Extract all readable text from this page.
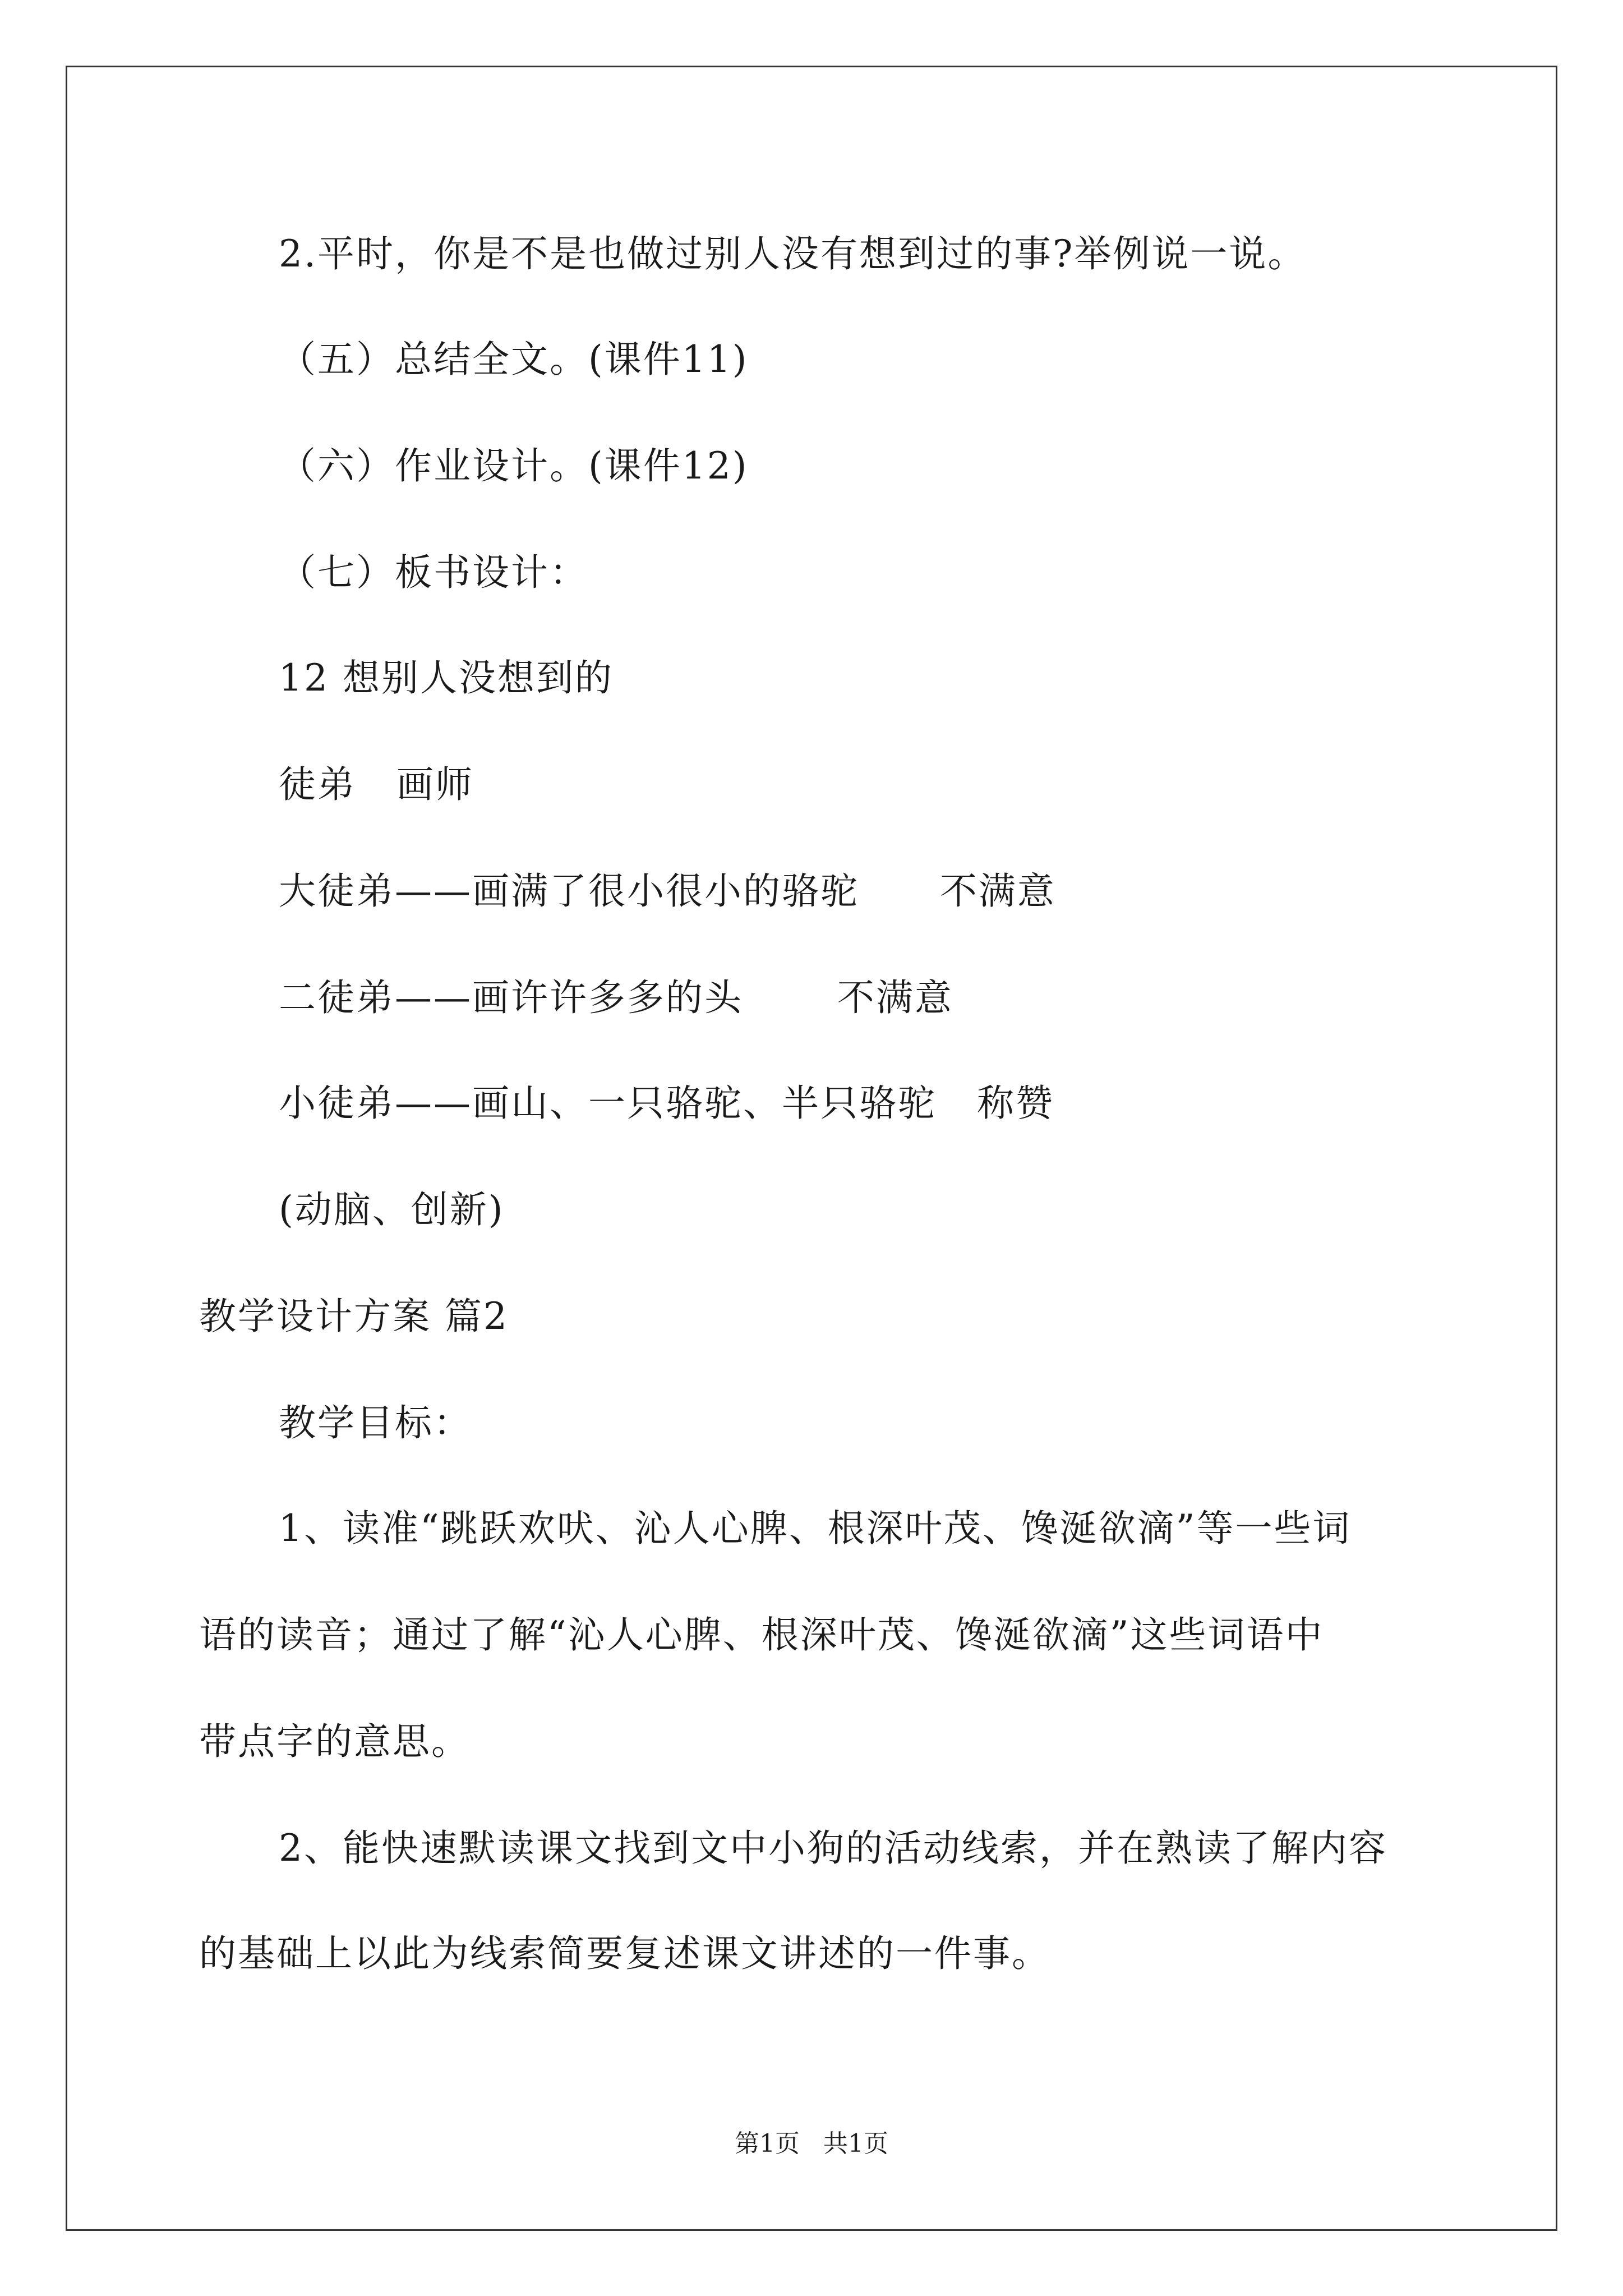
2.平时，你是不是也做过别人没有想到过的事?举例说一说。
（五）总结全文。(课件11)
（六）作业设计。(课件12)
（七）板书设计：
12 想别人没想到的
徒弟   画师
大徒弟——画满了很小很小的骆驼      不满意
二徒弟——画许许多多的头       不满意
小徒弟——画山、一只骆驼、半只骆驼   称赞
(动脑、创新)
教学设计方案 篇2
教学目标：
1、读准“跳跃欢吠、沁人心脾、根深叶茂、馋涎欲滴”等一些词
语的读音；通过了解“沁人心脾、根深叶茂、馋涎欲滴”这些词语中
带点字的意思。
2、能快速默读课文找到文中小狗的活动线索，并在熟读了解内容
的基础上以此为线索简要复述课文讲述的一件事。
第1页   共1页
